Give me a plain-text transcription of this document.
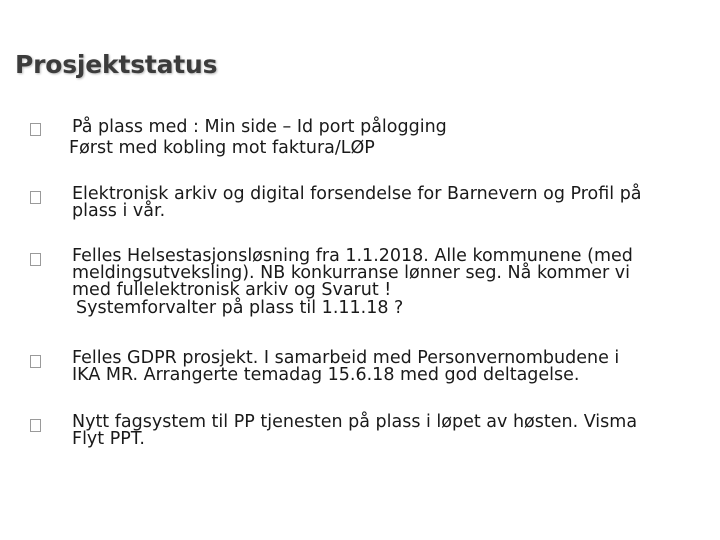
Prosjektstatus
På plass med : Min side – Id port pålogging
Først med kobling mot faktura/LØP
Elektronisk arkiv og digital forsendelse for Barnevern og Profil på
plass i vår.
Felles Helsestasjonsløsning fra 1.1.2018. Alle kommunene (med
meldingsutveksling). NB konkurranse lønner seg. Nå kommer vi
med fullelektronisk arkiv og Svarut !
Systemforvalter på plass til 1.11.18 ?
Felles GDPR prosjekt. I samarbeid med Personvernombudene i
IKA MR. Arrangerte temadag 15.6.18 med god deltagelse.
Nytt fagsystem til PP tjenesten på plass i løpet av høsten. Visma
Flyt PPT.
